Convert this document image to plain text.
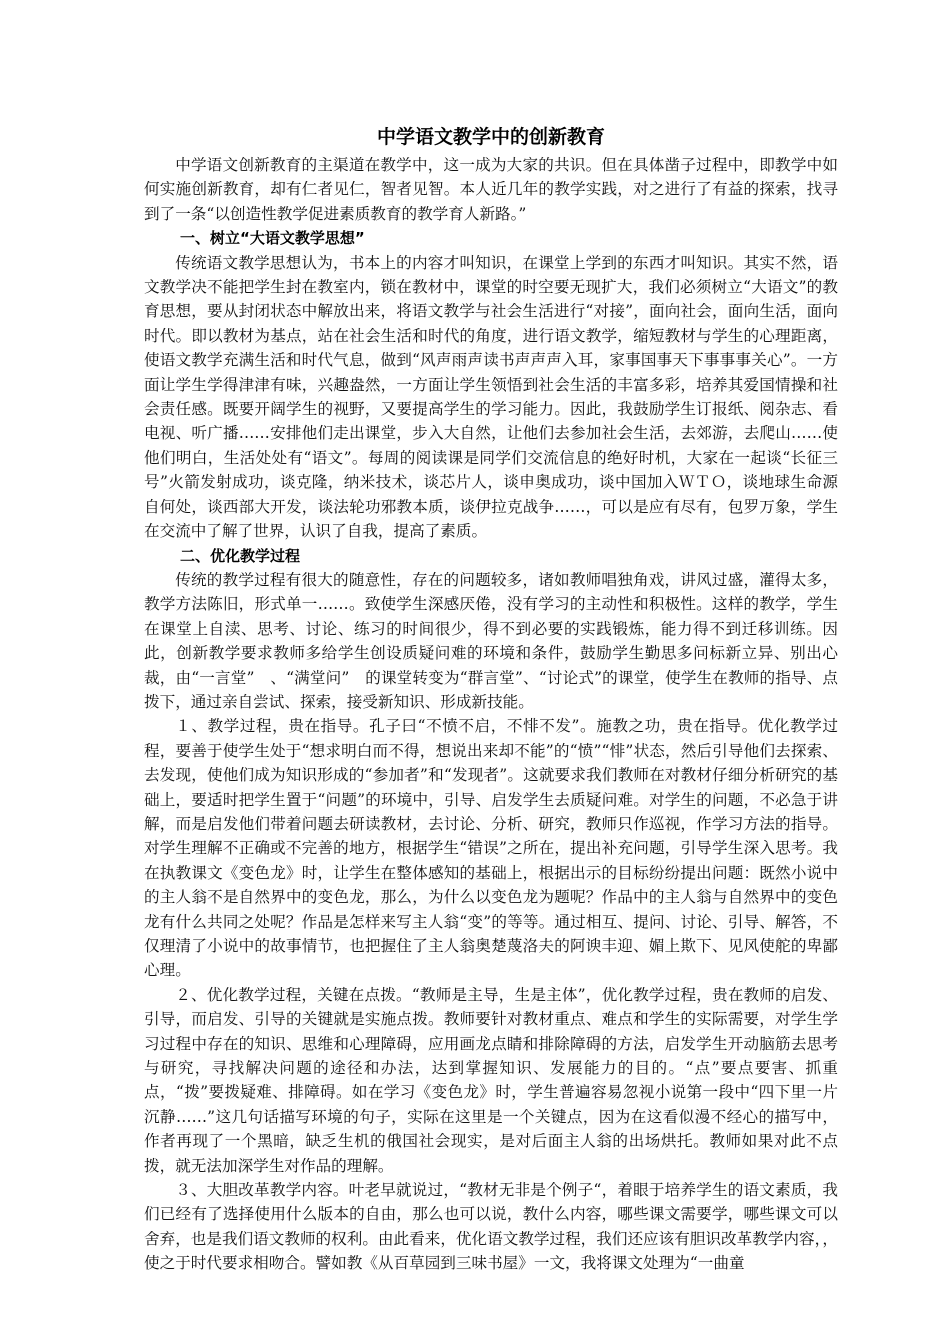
中学语文教学中的创新教育

中学语文创新教育的主渠道在教学中，这一成为大家的共识。但在具体凿子过程中，即教学中如何实施创新教育，却有仁者见仁，智者见智。本人近几年的教学实践，对之进行了有益的探索，找寻到了一条“以创造性教学促进素质教育的教学育人新路。”

一、树立“大语文教学思想”

传统语文教学思想认为，书本上的内容才叫知识，在课堂上学到的东西才叫知识。其实不然，语文教学决不能把学生封在教室内，锁在教材中，课堂的时空要无现扩大，我们必须树立“大语文”的教育思想，要从封闭状态中解放出来，将语文教学与社会生活进行“对接”，面向社会，面向生活，面向时代。即以教材为基点，站在社会生活和时代的角度，进行语文教学，缩短教材与学生的心理距离，使语文教学充满生活和时代气息，做到“风声雨声读书声声声入耳，家事国事天下事事事关心”。一方面让学生学得津津有味，兴趣盎然，一方面让学生领悟到社会生活的丰富多彩，培养其爱国情操和社会责任感。既要开阔学生的视野，又要提高学生的学习能力。因此，我鼓励学生订报纸、阅杂志、看电视、听广播……安排他们走出课堂，步入大自然，让他们去参加社会生活，去郊游，去爬山……使他们明白，生活处处有“语文”。每周的阅读课是同学们交流信息的绝好时机，大家在一起谈“长征三号”火箭发射成功，谈克隆，纳米技术，谈芯片人，谈申奥成功，谈中国加入ＷＴＯ，谈地球生命源自何处，谈西部大开发，谈法轮功邪教本质，谈伊拉克战争……，可以是应有尽有，包罗万象，学生在交流中了解了世界，认识了自我，提高了素质。

二、优化教学过程

传统的教学过程有很大的随意性，存在的问题较多，诸如教师唱独角戏，讲风过盛，灌得太多，教学方法陈旧，形式单一……。致使学生深感厌倦，没有学习的主动性和积极性。这样的教学，学生在课堂上自渎、思考、讨论、练习的时间很少，得不到必要的实践锻炼，能力得不到迁移训练。因此，创新教学要求教师多给学生创设质疑问难的环境和条件，鼓励学生勤思多问标新立异、别出心裁，由“一言堂”　、“满堂问”　的课堂转变为“群言堂”、“讨论式”的课堂，使学生在教师的指导、点拨下，通过亲自尝试、探索，接受新知识、形成新技能。

１、教学过程，贵在指导。孔子曰“不愤不启，不悱不发”。施教之功，贵在指导。优化教学过程，要善于使学生处于“想求明白而不得，想说出来却不能”的“愤”“悱”状态，然后引导他们去探索、去发现，使他们成为知识形成的“参加者”和“发现者”。这就要求我们教师在对教材仔细分析研究的基础上，要适时把学生置于“问题”的环境中，引导、启发学生去质疑问难。对学生的问题，不必急于讲解，而是启发他们带着问题去研读教材，去讨论、分析、研究，教师只作巡视，作学习方法的指导。对学生理解不正确或不完善的地方，根据学生“错误”之所在，提出补充问题，引导学生深入思考。我在执教课文《变色龙》时，让学生在整体感知的基础上，根据出示的目标纷纷提出问题：既然小说中的主人翁不是自然界中的变色龙，那么，为什么以变色龙为题呢？作品中的主人翁与自然界中的变色龙有什么共同之处呢？作品是怎样来写主人翁“变”的等等。通过相互、提问、讨论、引导、解答，不仅理清了小说中的故事情节，也把握住了主人翁奥楚蔑洛夫的阿谀丰迎、媚上欺下、见风使舵的卑鄙心理。

２、优化教学过程，关键在点拨。“教师是主导，生是主体”，优化教学过程，贵在教师的启发、引导，而启发、引导的关键就是实施点拨。教师要针对教材重点、难点和学生的实际需要，对学生学习过程中存在的知识、思维和心理障碍，应用画龙点睛和排除障碍的方法，启发学生开动脑筋去思考与研究，寻找解决问题的途径和办法，达到掌握知识、发展能力的目的。“点”要点要害、抓重点，“拨”要拨疑难、排障碍。如在学习《变色龙》时，学生普遍容易忽视小说第一段中“四下里一片沉静……”这几句话描写环境的句子，实际在这里是一个关键点，因为在这看似漫不经心的描写中，作者再现了一个黑暗，缺乏生机的俄国社会现实，是对后面主人翁的出场烘托。教师如果对此不点拨，就无法加深学生对作品的理解。

３、大胆改革教学内容。叶老早就说过，“教材无非是个例子“，着眼于培养学生的语文素质，我们已经有了选择使用什么版本的自由，那么也可以说，教什么内容，哪些课文需要学，哪些课文可以舍弃，也是我们语文教师的权利。由此看来，优化语文教学过程，我们还应该有胆识改革教学内容，，使之于时代要求相吻合。譬如教《从百草园到三味书屋》一文，我将课文处理为“一曲童
